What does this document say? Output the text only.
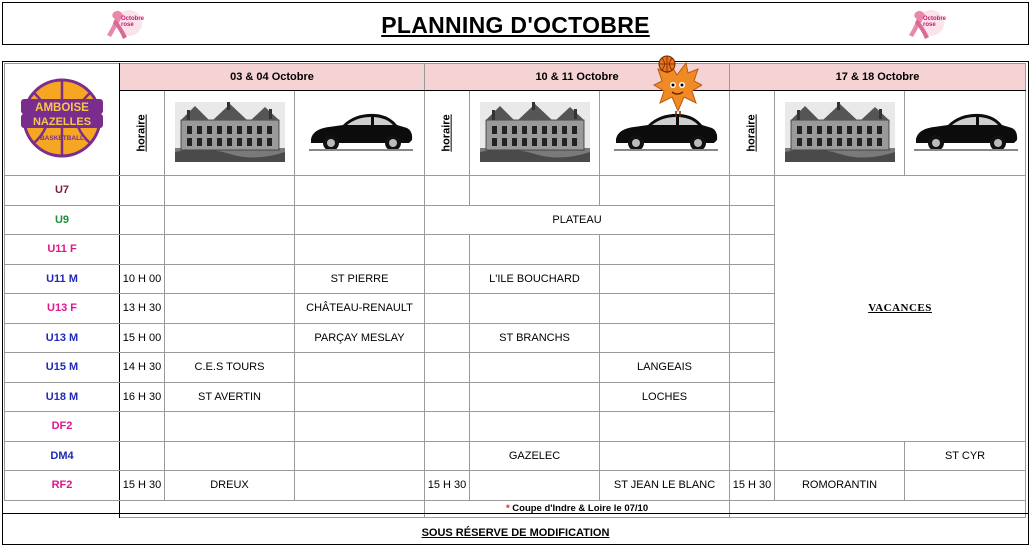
PLANNING D'OCTOBRE
Octobre rose
Octobre rose
AMBOISE
NAZELLES
BASKETBALL	03 & 04 Octobre			10 & 11 Octobre			17 & 18 Octobre		
	horaire			horaire			horaire		
U7								VACANCES	
U9				PLATEAU					
U11 F									
U11 M	10 H 00		ST PIERRE		L'ILE BOUCHARD				
U13 F	13 H 30		CHÂTEAU-RENAULT						
U13 M	15 H 00		PARÇAY MESLAY		ST BRANCHS				
U15 M	14 H 30	C.E.S TOURS				LANGEAIS			
U18 M	16 H 30	ST AVERTIN				LOCHES			
DF2									
DM4					GAZELEC				ST CYR
RF2	15 H 30	DREUX		15 H 30		ST JEAN LE BLANC	15 H 30	ROMORANTIN	
				* Coupe d'Indre & Loire le 07/10					
$_{SOUS RÉSERVE DE MODIFICATION}$
